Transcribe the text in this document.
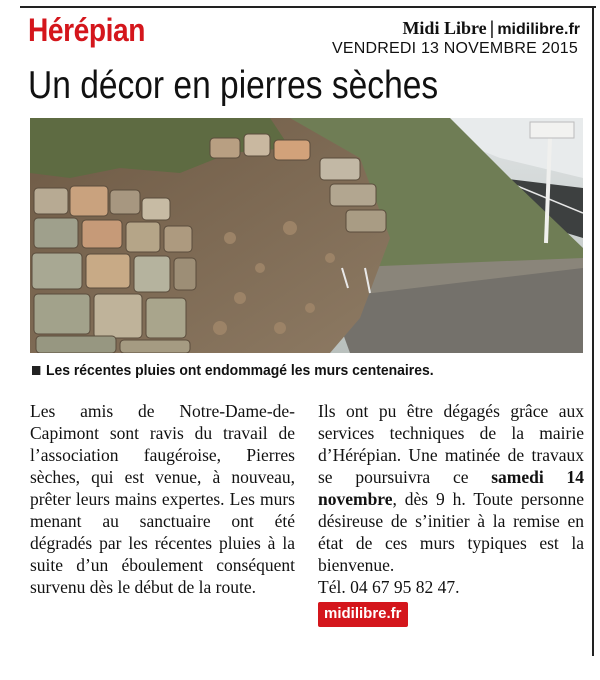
Hérépian	Midi Libre | midilibre.fr
VENDREDI 13 NOVEMBRE 2015
Un décor en pierres sèches
Les récentes pluies ont endommagé les murs centenaires.

Les amis de Notre-Dame-de-Capimont sont ravis du travail de l’association faugéroise, Pierres sèches, qui est venue, à nouveau, prêter leurs mains expertes. Les murs menant au sanctuaire ont été dégradés par les récentes pluies à la suite d’un éboulement conséquent survenu dès le début de la route.

Ils ont pu être dégagés grâce aux services techniques de la mairie d’Hérépian. Une matinée de travaux se poursuivra ce samedi 14 novembre, dès 9 h. Toute personne désireuse de s’initier à la remise en état de ces murs typiques est la bienvenue.

Tél. 04 67 95 82 47.

midilibre.fr
